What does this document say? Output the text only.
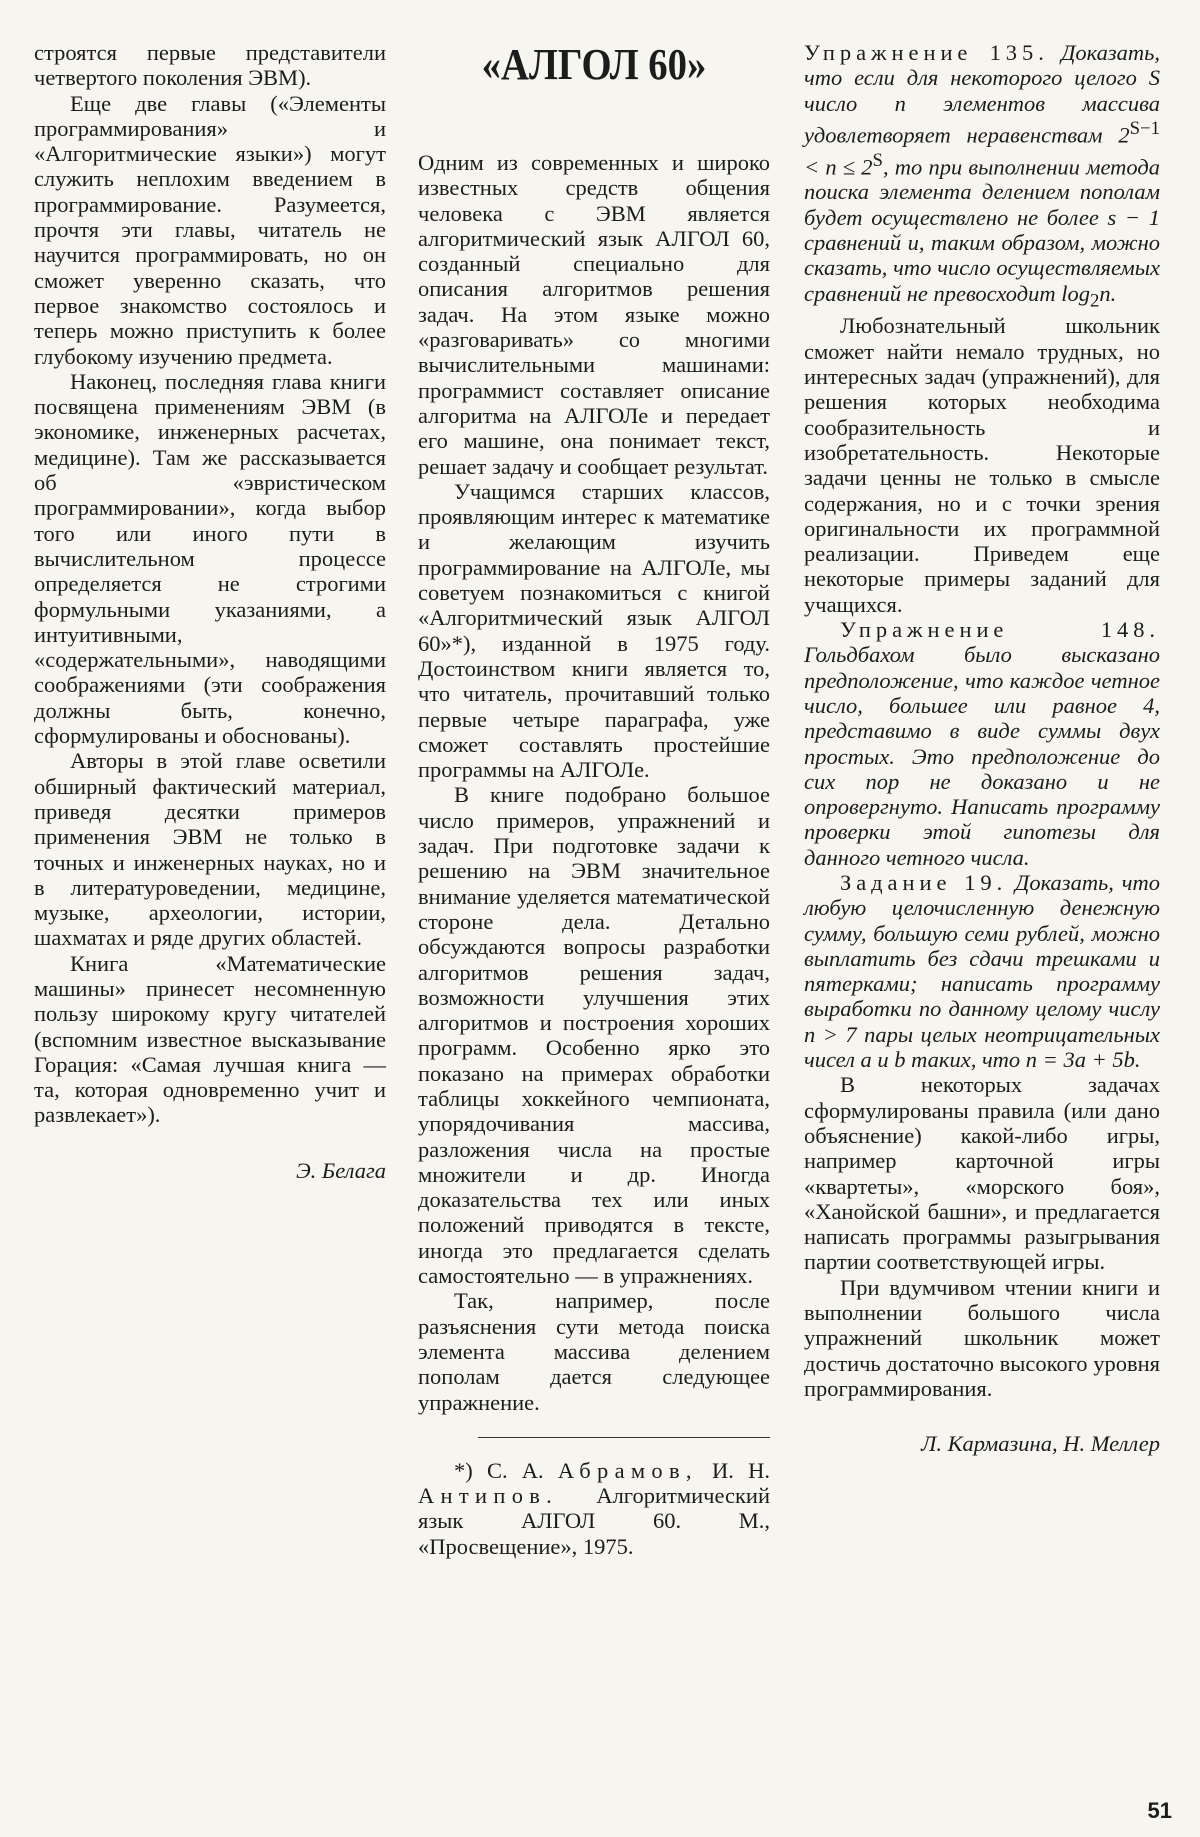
«АЛГОЛ 60»

строятся первые представители четвертого поколения ЭВМ).

Еще две главы («Элементы программирования» и «Алгоритмические языки») могут служить неплохим введением в программирование. Разумеется, прочтя эти главы, читатель не научится программировать, но он сможет уверенно сказать, что первое знакомство состоялось и теперь можно приступить к более глубокому изучению предмета.

Наконец, последняя глава книги посвящена применениям ЭВМ (в экономике, инженерных расчетах, медицине). Там же рассказывается об «эвристическом программировании», когда выбор того или иного пути в вычислительном процессе определяется не строгими формульными указаниями, а интуитивными, «содержательными», наводящими соображениями (эти соображения должны быть, конечно, сформулированы и обоснованы).

Авторы в этой главе осветили обширный фактический материал, приведя десятки примеров применения ЭВМ не только в точных и инженерных науках, но и в литературоведении, медицине, музыке, археологии, истории, шахматах и ряде других областей.

Книга «Математические машины» принесет несомненную пользу широкому кругу читателей (вспомним известное высказывание Горация: «Самая лучшая книга — та, которая одновременно учит и развлекает»).

Э. Белага

Одним из современных и широко известных средств общения человека с ЭВМ является алгоритмический язык АЛГОЛ 60, созданный специально для описания алгоритмов решения задач. На этом языке можно «разговаривать» со многими вычислительными машинами: программист составляет описание алгоритма на АЛГОЛе и передает его машине, она понимает текст, решает задачу и сообщает результат.

Учащимся старших классов, проявляющим интерес к математике и желающим изучить программирование на АЛГОЛе, мы советуем познакомиться с книгой «Алгоритмический язык АЛГОЛ 60»*), изданной в 1975 году. Достоинством книги является то, что читатель, прочитавший только первые четыре параграфа, уже сможет составлять простейшие программы на АЛГОЛе.

В книге подобрано большое число примеров, упражнений и задач. При подготовке задачи к решению на ЭВМ значительное внимание уделяется математической стороне дела. Детально обсуждаются вопросы разработки алгоритмов решения задач, возможности улучшения этих алгоритмов и построения хороших программ. Особенно ярко это показано на примерах обработки таблицы хоккейного чемпионата, упорядочивания массива, разложения числа на простые множители и др. Иногда доказательства тех или иных положений приводятся в тексте, иногда это предлагается сделать самостоятельно — в упражнениях.

Так, например, после разъяснения сути метода поиска элемента массива делением пополам дается следующее упражнение.

*) С. А. Абрамов, И. Н. Антипов. Алгоритмический язык АЛГОЛ 60. М., «Просвещение», 1975.

Упражнение 135. Доказать, что если для некоторого целого S число n элементов массива удовлетворяет неравенствам $2^{S-1} < n \le 2^S$, то при выполнении метода поиска элемента делением пополам будет осуществлено не более s − 1 сравнений и, таким образом, можно сказать, что число осуществляемых сравнений не превосходит $\log_2n$.

Любознательный школьник сможет найти немало трудных, но интересных задач (упражнений), для решения которых необходима сообразительность и изобретательность. Некоторые задачи ценны не только в смысле содержания, но и с точки зрения оригинальности их программной реализации. Приведем еще некоторые примеры заданий для учащихся.

Упражнение 148. Гольдбахом было высказано предположение, что каждое четное число, большее или равное 4, представимо в виде суммы двух простых. Это предположение до сих пор не доказано и не опровергнуто. Написать программу проверки этой гипотезы для данного четного числа.

Задание 19. Доказать, что любую целочисленную денежную сумму, большую семи рублей, можно выплатить без сдачи трешками и пятерками; написать программу выработки по данному целому числу n > 7 пары целых неотрицательных чисел a и b таких, что n = 3a + 5b.

В некоторых задачах сформулированы правила (или дано объяснение) какой-либо игры, например карточной игры «квартеты», «морского боя», «Ханойской башни», и предлагается написать программы разыгрывания партии соответствующей игры.

При вдумчивом чтении книги и выполнении большого числа упражнений школьник может достичь достаточно высокого уровня программирования.

Л. Кармазина, Н. Меллер

51
